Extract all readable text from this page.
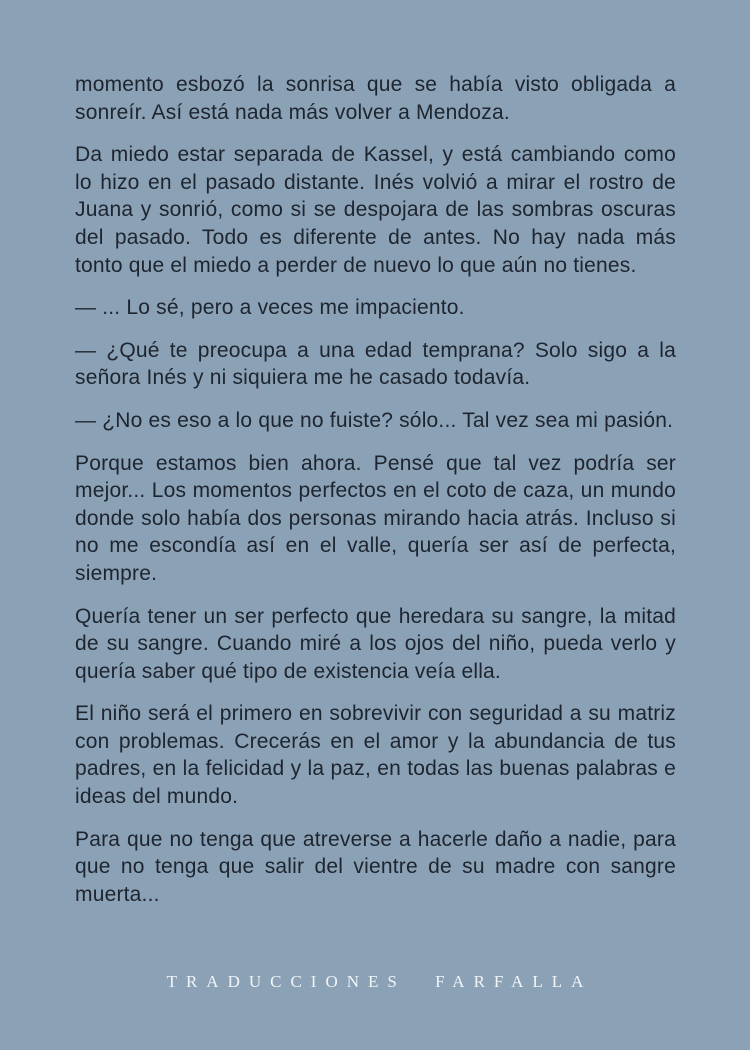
momento esbozó la sonrisa que se había visto obligada a sonreír. Así está nada más volver a Mendoza.

Da miedo estar separada de Kassel, y está cambiando como lo hizo en el pasado distante. Inés volvió a mirar el rostro de Juana y sonrió, como si se despojara de las sombras oscuras del pasado. Todo es diferente de antes. No hay nada más tonto que el miedo a perder de nuevo lo que aún no tienes.

— ... Lo sé, pero a veces me impaciento.

— ¿Qué te preocupa a una edad temprana? Solo sigo a la señora Inés y ni siquiera me he casado todavía.

— ¿No es eso a lo que no fuiste? sólo... Tal vez sea mi pasión.

Porque estamos bien ahora. Pensé que tal vez podría ser mejor... Los momentos perfectos en el coto de caza, un mundo donde solo había dos personas mirando hacia atrás. Incluso si no me escondía así en el valle, quería ser así de perfecta, siempre.

Quería tener un ser perfecto que heredara su sangre, la mitad de su sangre. Cuando miré a los ojos del niño, pueda verlo y quería saber qué tipo de existencia veía ella.

El niño será el primero en sobrevivir con seguridad a su matriz con problemas. Crecerás en el amor y la abundancia de tus padres, en la felicidad y la paz, en todas las buenas palabras e ideas del mundo.

Para que no tenga que atreverse a hacerle daño a nadie, para que no tenga que salir del vientre de su madre con sangre muerta...

TRADUCCIONES FARFALLA
